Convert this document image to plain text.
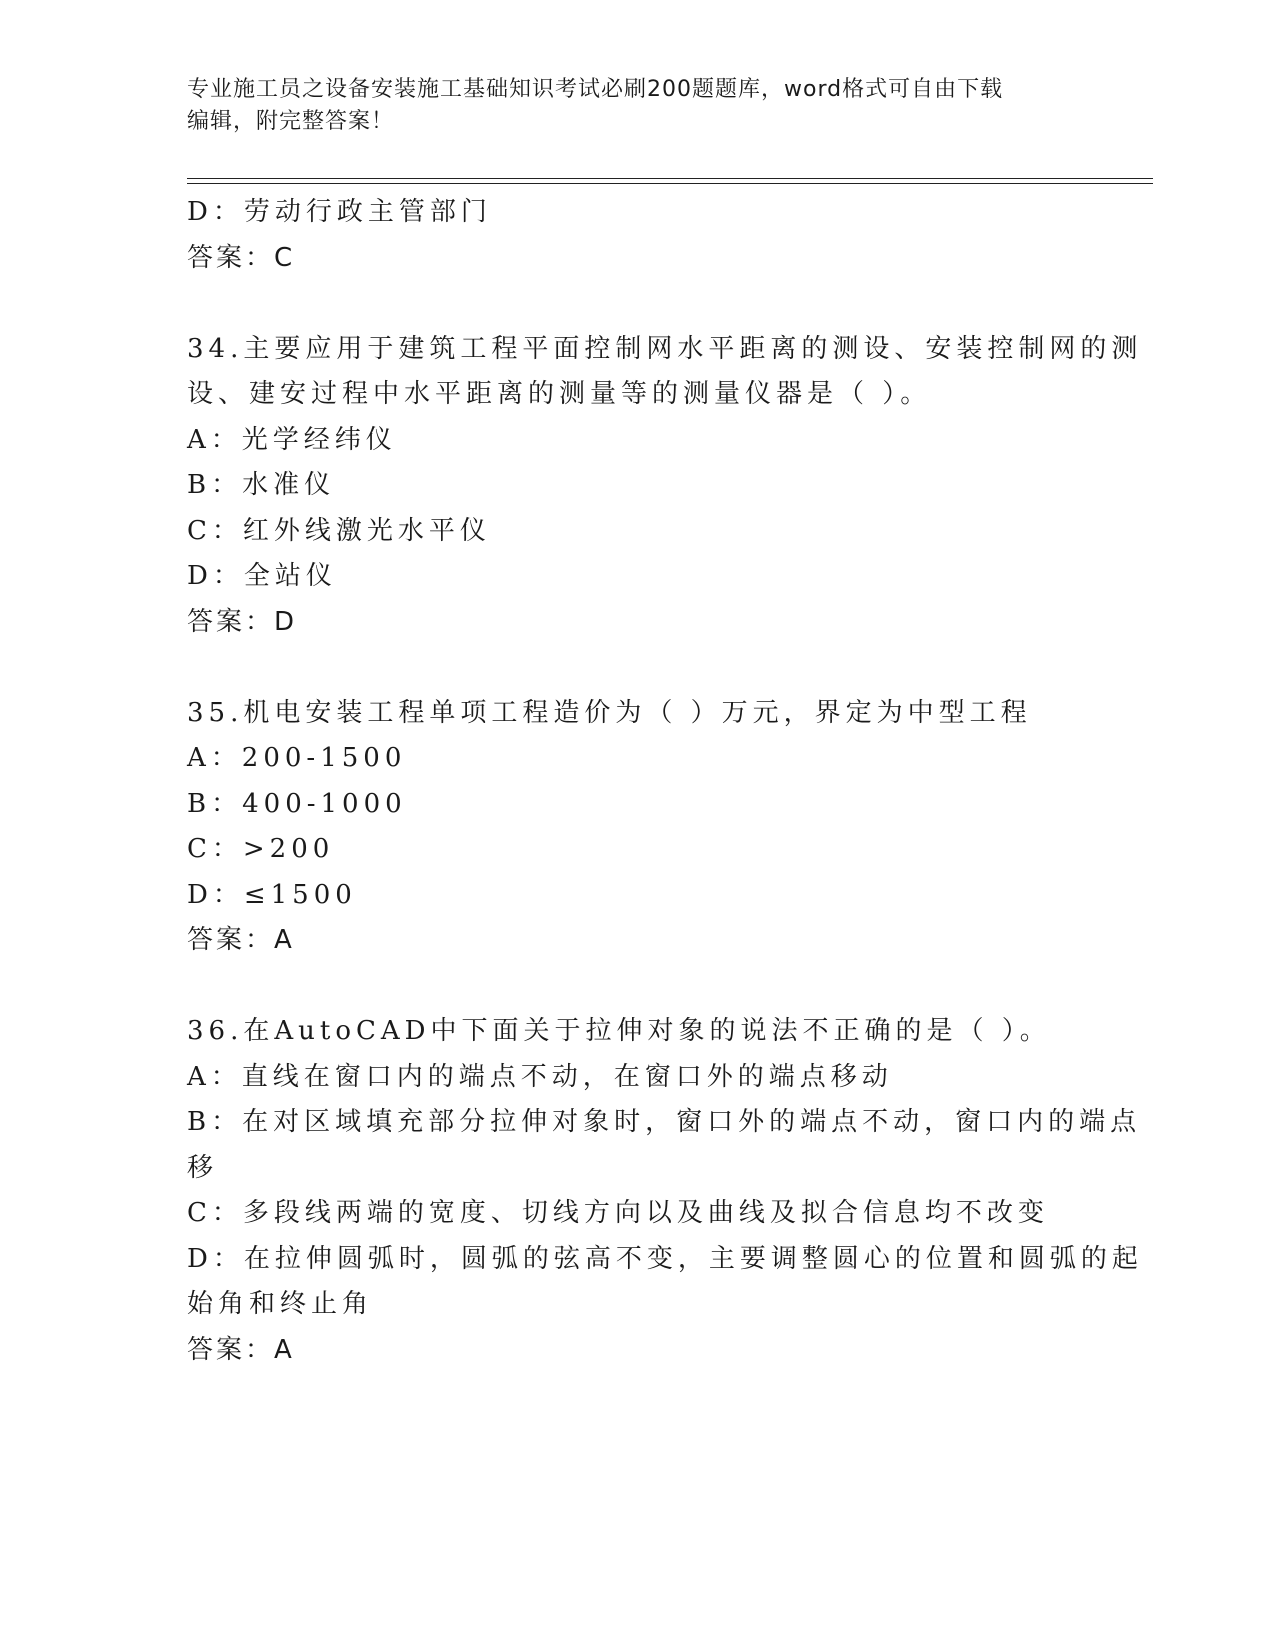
专业施工员之设备安装施工基础知识考试必刷200题题库，word格式可自由下载
编辑，附完整答案！
D：劳动行政主管部门
答案：C
34.主要应用于建筑工程平面控制网水平距离的测设、安装控制网的测
设、建安过程中水平距离的测量等的测量仪器是（ ）。
A：光学经纬仪
B：水准仪
C：红外线激光水平仪
D：全站仪
答案：D
35.机电安装工程单项工程造价为（ ）万元，界定为中型工程
A：200-1500
B：400-1000
C：>200
D：≤1500
答案：A
36.在AutoCAD中下面关于拉伸对象的说法不正确的是（ ）。
A：直线在窗口内的端点不动，在窗口外的端点移动
B：在对区域填充部分拉伸对象时，窗口外的端点不动，窗口内的端点
移
C：多段线两端的宽度、切线方向以及曲线及拟合信息均不改变
D：在拉伸圆弧时，圆弧的弦高不变，主要调整圆心的位置和圆弧的起
始角和终止角
答案：A
